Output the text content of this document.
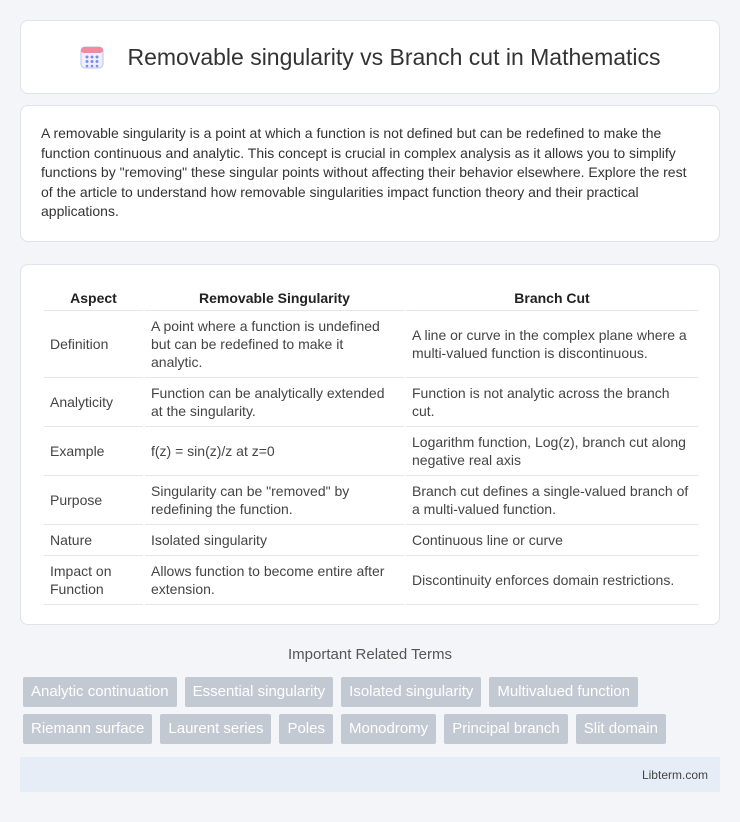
Removable singularity vs Branch cut in Mathematics

A removable singularity is a point at which a function is not defined but can be redefined to make the function continuous and analytic. This concept is crucial in complex analysis as it allows you to simplify functions by "removing" these singular points without affecting their behavior elsewhere. Explore the rest of the article to understand how removable singularities impact function theory and their practical applications.

Aspect	Removable Singularity	Branch Cut
Definition	A point where a function is undefined but can be redefined to make it analytic.	A line or curve in the complex plane where a multi-valued function is discontinuous.
Analyticity	Function can be analytically extended at the singularity.	Function is not analytic across the branch cut.
Example	f(z) = sin(z)/z at z=0	Logarithm function, Log(z), branch cut along negative real axis
Purpose	Singularity can be "removed" by redefining the function.	Branch cut defines a single-valued branch of a multi-valued function.
Nature	Isolated singularity	Continuous line or curve
Impact on Function	Allows function to become entire after extension.	Discontinuity enforces domain restrictions.
Important Related Terms
Analytic continuation	Essential singularity	Isolated singularity	Multivalued function
Riemann surface	Laurent series	Poles	Monodromy	Principal branch	Slit domain
Libterm.com
